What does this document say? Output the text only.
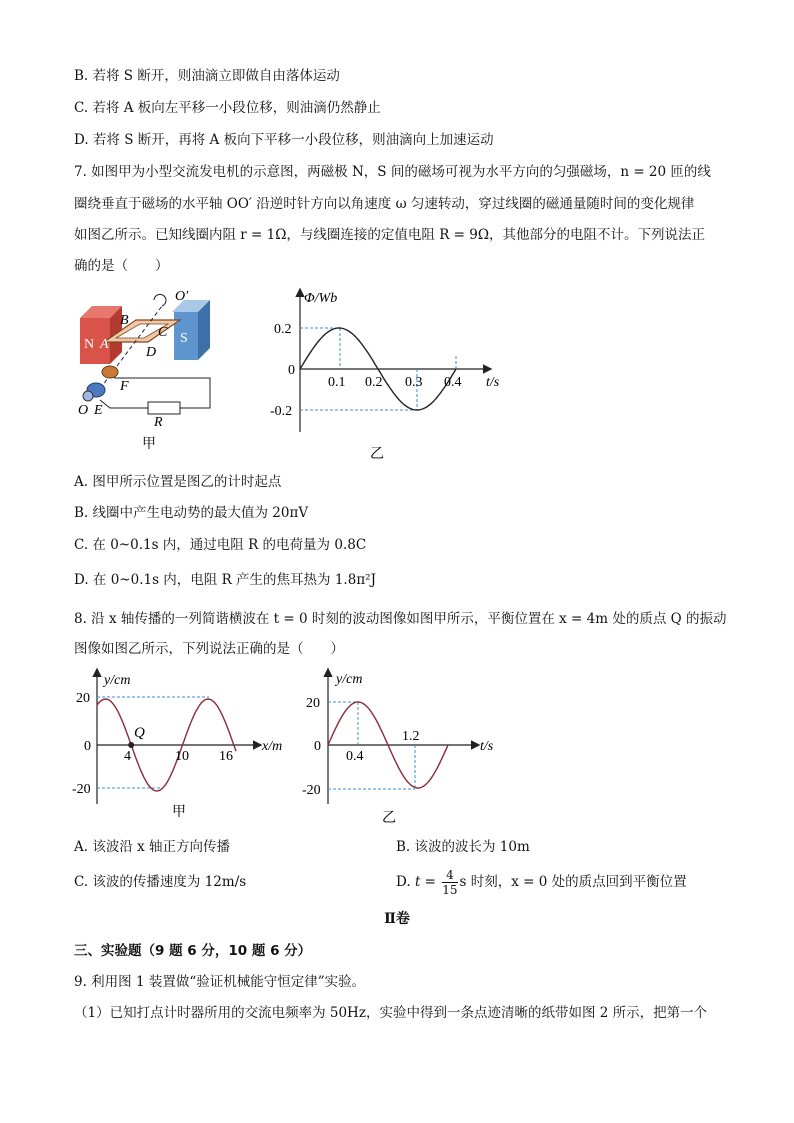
B. 若将 S 断开，则油滴立即做自由落体运动
C. 若将 A 板向左平移一小段位移，则油滴仍然静止
D. 若将 S 断开，再将 A 板向下平移一小段位移，则油滴向上加速运动
7. 如图甲为小型交流发电机的示意图，两磁极 N，S 间的磁场可视为水平方向的匀强磁场，n = 20 匝的线
圈绕垂直于磁场的水平轴 OO′ 沿逆时针方向以角速度 ω 匀速转动，穿过线圈的磁通量随时间的变化规律
如图乙所示。已知线圈内阻 r = 1Ω，与线圈连接的定值电阻 R = 9Ω，其他部分的电阻不计。下列说法正
确的是（　　）
O′
B
N A
C S
D
F
O E
R
甲
Φ/Wb
t/s
0.2
0
-0.2
0.1 0.2 0.3 0.4
乙
A. 图甲所示位置是图乙的计时起点
B. 线圈中产生电动势的最大值为 20πV
C. 在 0~0.1s 内，通过电阻 R 的电荷量为 0.8C
D. 在 0~0.1s 内，电阻 R 产生的焦耳热为 1.8π²J
8. 沿 x 轴传播的一列简谐横波在 t = 0 时刻的波动图像如图甲所示，平衡位置在 x = 4m 处的质点 Q 的振动
图像如图乙所示，下列说法正确的是（　　）
Q
y/cm
x/m
20
0
-20
4	10 16
甲
y/cm
t/s
20
0
-20
0.4
1.2
乙
A. 该波沿 x 轴正方向传播	B. 该波的波长为 10m
C. 该波的传播速度为 12m/s	D. $t = \frac{4}{15}$ s 时刻，x = 0 处的质点回到平衡位置
Ⅱ卷
三、实验题（9 题 6 分，10 题 6 分）
9. 利用图 1 装置做“验证机械能守恒定律”实验。
（1）已知打点计时器所用的交流电频率为 50Hz，实验中得到一条点迹清晰的纸带如图 2 所示，把第一个
